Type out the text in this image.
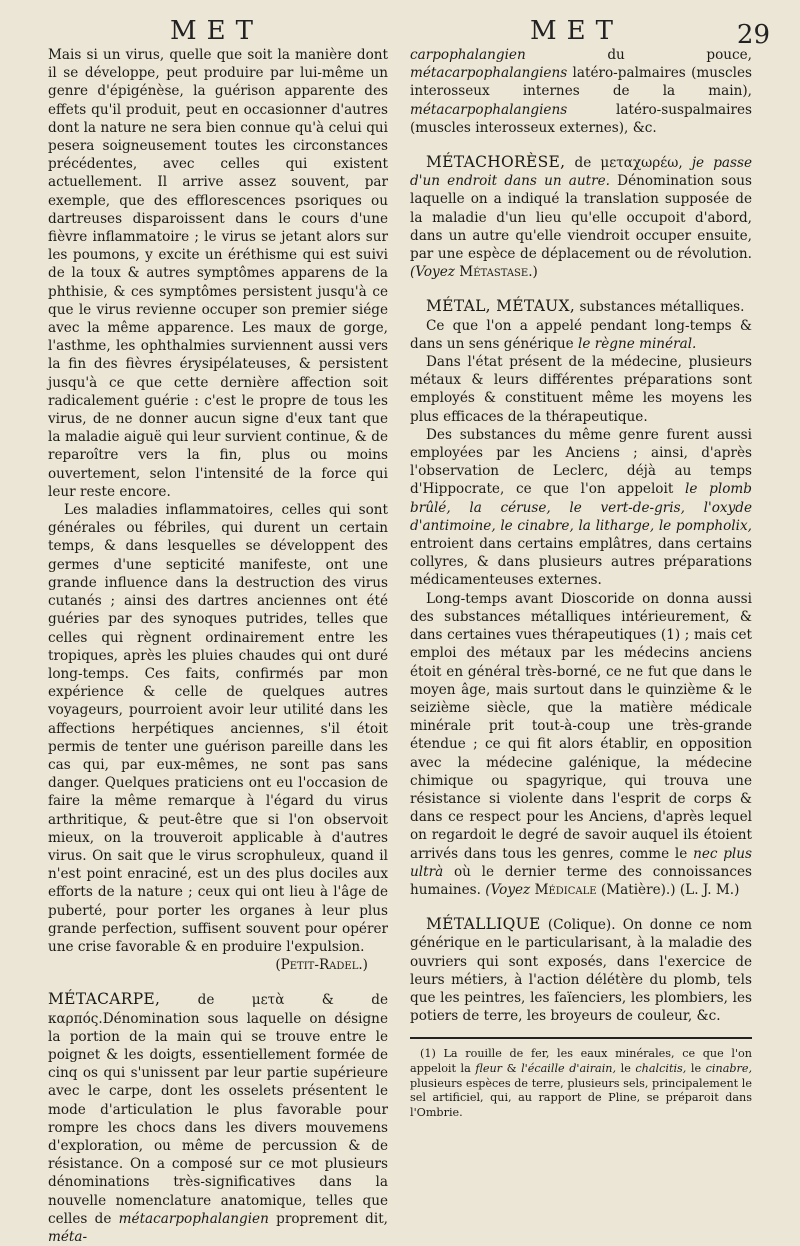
MET	MET	29

Mais si un virus, quelle que soit la manière dont il se développe, peut produire par lui-même un genre d'épigénèse, la guérison apparente des effets qu'il produit, peut en occasionner d'autres dont la nature ne sera bien connue qu'à celui qui pesera soigneusement toutes les circonstances précédentes, avec celles qui existent actuellement. Il arrive assez souvent, par exemple, que des efflorescences psoriques ou dartreuses disparoissent dans le cours d'une fièvre inflammatoire ; le virus se jetant alors sur les poumons, y excite un éréthisme qui est suivi de la toux & autres symptômes apparens de la phthisie, & ces symptômes persistent jusqu'à ce que le virus revienne occuper son premier siége avec la même apparence. Les maux de gorge, l'asthme, les ophthalmies surviennent aussi vers la fin des fièvres érysipélateuses, & persistent jusqu'à ce que cette dernière affection soit radicalement guérie : c'est le propre de tous les virus, de ne donner aucun signe d'eux tant que la maladie aiguë qui leur survient continue, & de reparoître vers la fin, plus ou moins ouvertement, selon l'intensité de la force qui leur reste encore.

Les maladies inflammatoires, celles qui sont générales ou fébriles, qui durent un certain temps, & dans lesquelles se développent des germes d'une septicité manifeste, ont une grande influence dans la destruction des virus cutanés ; ainsi des dartres anciennes ont été guéries par des synoques putrides, telles que celles qui règnent ordinairement entre les tropiques, après les pluies chaudes qui ont duré long-temps. Ces faits, confirmés par mon expérience & celle de quelques autres voyageurs, pourroient avoir leur utilité dans les affections herpétiques anciennes, s'il étoit permis de tenter une guérison pareille dans les cas qui, par eux-mêmes, ne sont pas sans danger. Quelques praticiens ont eu l'occasion de faire la même remarque à l'égard du virus arthritique, & peut-être que si l'on observoit mieux, on la trouveroit applicable à d'autres virus. On sait que le virus scrophuleux, quand il n'est point enraciné, est un des plus dociles aux efforts de la nature ; ceux qui ont lieu à l'âge de puberté, pour porter les organes à leur plus grande perfection, suffisent souvent pour opérer une crise favorable & en produire l'expulsion.

(Petit-Radel.)

MÉTACARPE,	de μετὰ & de καρπός.Dénomination sous laquelle on désigne la portion de la main qui se trouve entre le poignet & les doigts, essentiellement formée de cinq os qui s'unissent par leur partie supérieure avec le carpe, dont les osselets présentent le mode d'articulation le plus favorable pour rompre les chocs dans les divers mouvemens d'exploration, ou même de percussion & de résistance. On a composé sur ce mot plusieurs dénominations très-significatives dans la nouvelle nomenclature anatomique, telles que celles de métacarpophalangien proprement dit, méta-

carpophalangien	du pouce, métacarpophalangiens latéro-palmaires (muscles interosseux internes de la main), métacarpophalangiens	latéro-suspalmaires (muscles interosseux externes), &c.

MÉTACHORÈSE, de μεταχωρέω, je passe d'un endroit dans un autre. Dénomination sous laquelle on a indiqué la translation supposée de la maladie d'un lieu qu'elle occupoit d'abord, dans un autre qu'elle viendroit occuper ensuite, par une espèce de déplacement ou de révolution. (Voyez Métastase.)

MÉTAL, MÉTAUX, substances métalliques.

Ce que l'on a appelé pendant long-temps & dans un sens générique le règne minéral.

Dans l'état présent de la médecine, plusieurs métaux & leurs différentes préparations sont employés & constituent même les moyens les plus efficaces de la thérapeutique.

Des substances du même genre furent aussi employées par les Anciens ; ainsi, d'après l'observation de Leclerc, déjà au temps d'Hippocrate, ce que l'on appeloit le plomb brûlé, la céruse, le vert-de-gris, l'oxyde d'antimoine, le cinabre, la litharge, le pompholix, entroient dans certains emplâtres, dans certains collyres, & dans plusieurs autres préparations médicamenteuses externes.

Long-temps avant Dioscoride on donna aussi des substances métalliques intérieurement, & dans certaines vues thérapeutiques (1) ; mais cet emploi des métaux par les médecins anciens étoit en général très-borné, ce ne fut que dans le moyen âge, mais surtout dans le quinzième & le seizième siècle, que la matière médicale minérale prit tout-à-coup une très-grande étendue ; ce qui fit alors établir, en opposition avec la médecine galénique, la médecine chimique ou spagyrique, qui trouva une résistance si violente dans l'esprit de corps & dans ce respect pour les Anciens, d'après lequel on regardoit le degré de savoir auquel ils étoient arrivés dans tous les genres, comme le nec plus ultrà où le dernier terme des connoissances humaines. (Voyez Médicale (Matière).) (L. J. M.)

MÉTALLIQUE (Colique). On donne ce nom générique en le particularisant, à la maladie des ouvriers qui sont exposés, dans l'exercice de leurs métiers, à l'action délétère du plomb, tels que les peintres, les faïenciers, les plombiers, les potiers de terre, les broyeurs de couleur, &c.

(1) La rouille de fer, les eaux minérales, ce que l'on appeloit la fleur & l'écaille d'airain, le chalcitis, le cinabre, plusieurs espèces de terre, plusieurs sels, principalement le sel artificiel, qui, au rapport de Pline, se préparoit dans l'Ombrie.
